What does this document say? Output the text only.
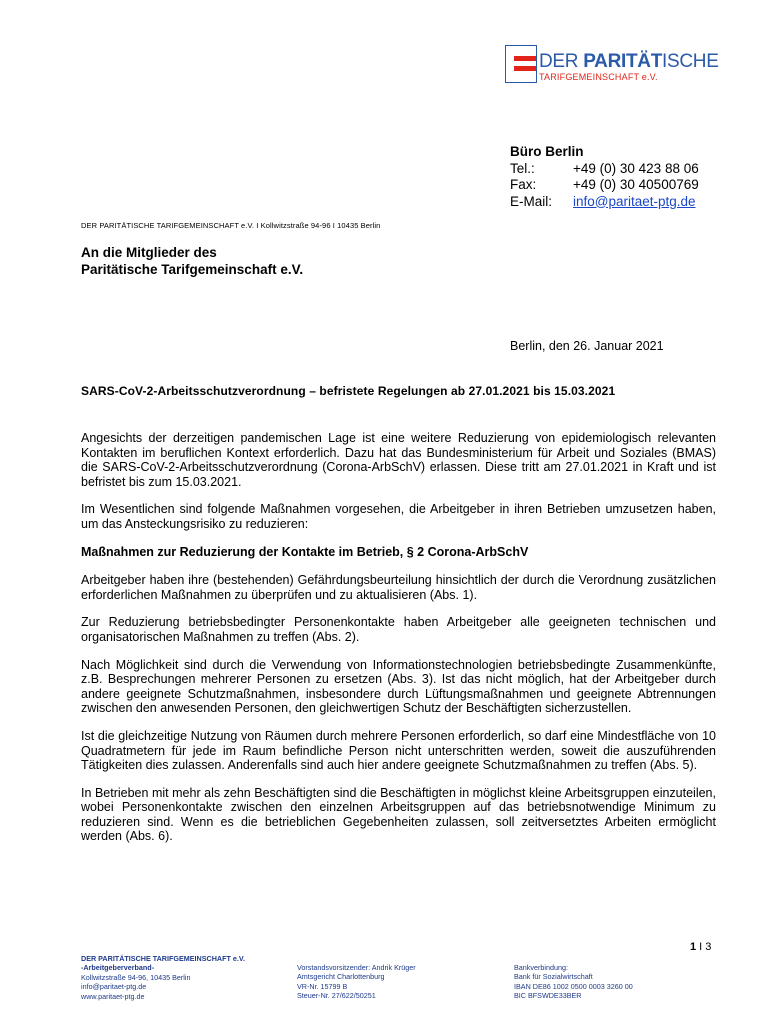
DER PARITÄTISCHE
TARIFGEMEINSCHAFT e.V.
Büro Berlin
Tel.:	+49 (0) 30 423 88 06
Fax:	+49 (0) 30 40500769
E-Mail:	info@paritaet-ptg.de
DER PARITÄTISCHE TARIFGEMEINSCHAFT e.V. I Kollwitzstraße 94-96 I 10435 Berlin
An die Mitglieder des
Paritätische Tarifgemeinschaft e.V.
Berlin, den 26. Januar 2021
SARS-CoV-2-Arbeitsschutzverordnung – befristete Regelungen ab 27.01.2021 bis 15.03.2021

Angesichts der derzeitigen pandemischen Lage ist eine weitere Reduzierung von epidemiologisch relevanten Kontakten im beruflichen Kontext erforderlich. Dazu hat das Bundesministerium für Arbeit und Soziales (BMAS) die SARS-CoV-2-Arbeitsschutzverordnung (Corona-ArbSchV) erlassen. Diese tritt am 27.01.2021 in Kraft und ist befristet bis zum 15.03.2021.

Im Wesentlichen sind folgende Maßnahmen vorgesehen, die Arbeitgeber in ihren Betrieben umzusetzen haben, um das Ansteckungsrisiko zu reduzieren:

Maßnahmen zur Reduzierung der Kontakte im Betrieb, § 2 Corona-ArbSchV

Arbeitgeber haben ihre (bestehenden) Gefährdungsbeurteilung hinsichtlich der durch die Verordnung zusätzlichen erforderlichen Maßnahmen zu überprüfen und zu aktualisieren (Abs. 1).

Zur Reduzierung betriebsbedingter Personenkontakte haben Arbeitgeber alle geeigneten technischen und organisatorischen Maßnahmen zu treffen (Abs. 2).

Nach Möglichkeit sind durch die Verwendung von Informationstechnologien betriebsbedingte Zusammenkünfte, z.B. Besprechungen mehrerer Personen zu ersetzen (Abs. 3). Ist das nicht möglich, hat der Arbeitgeber durch andere geeignete Schutzmaßnahmen, insbesondere durch Lüftungsmaßnahmen und geeignete Abtrennungen zwischen den anwesenden Personen, den gleichwertigen Schutz der Beschäftigten sicherzustellen.

Ist die gleichzeitige Nutzung von Räumen durch mehrere Personen erforderlich, so darf eine Mindestfläche von 10 Quadratmetern für jede im Raum befindliche Person nicht unterschritten werden, soweit die auszuführenden Tätigkeiten dies zulassen. Anderenfalls sind auch hier andere geeignete Schutzmaßnahmen zu treffen (Abs. 5).

In Betrieben mit mehr als zehn Beschäftigten sind die Beschäftigten in möglichst kleine Arbeitsgruppen einzuteilen, wobei Personenkontakte zwischen den einzelnen Arbeitsgruppen auf das betriebsnotwendige Minimum zu reduzieren sind. Wenn es die betrieblichen Gegebenheiten zulassen, soll zeitversetztes Arbeiten ermöglicht werden (Abs. 6).

1 I 3
DER PARITÄTISCHE TARIFGEMEINSCHAFT e.V.
-Arbeitgeberverband-
Kollwitzstraße 94-96, 10435 Berlin
info@paritaet-ptg.de
www.paritaet-ptg.de
Vorstandsvorsitzender: Andrik Krüger
Amtsgericht Charlottenburg
VR-Nr. 15799 B
Steuer-Nr. 27/622/50251
Bankverbindung:
Bank für Sozialwirtschaft
IBAN DE86 1002 0500 0003 3260 00
BIC BFSWDE33BER
